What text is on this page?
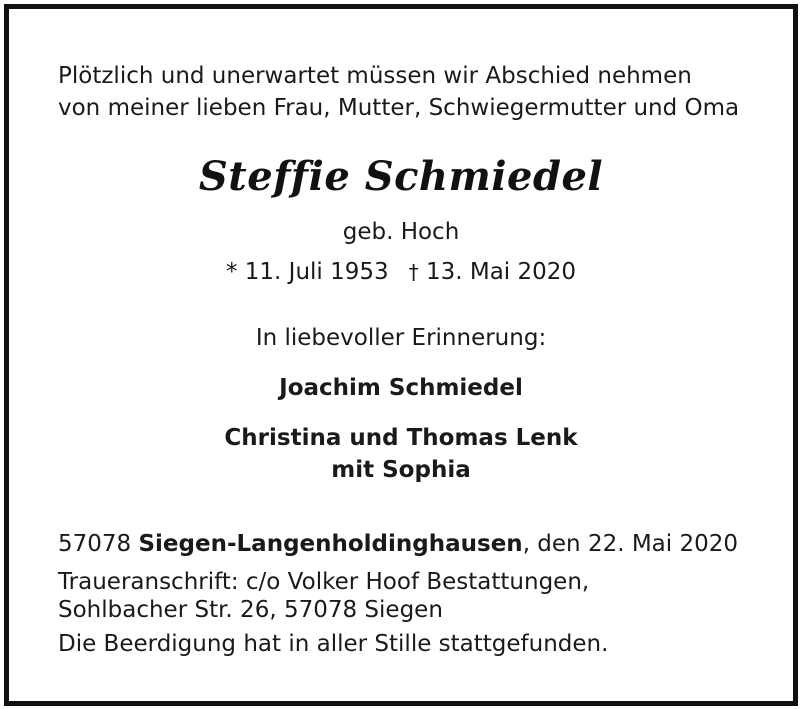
Plötzlich und unerwartet müssen wir Abschied nehmen

von meiner lieben Frau, Mutter, Schwiegermutter und Oma

Steffie Schmiedel

geb. Hoch

* 11. Juli 1953 † 13. Mai 2020

In liebevoller Erinnerung:

Joachim Schmiedel

Christina und Thomas Lenk

mit Sophia

57078 Siegen-Langenholdinghausen, den 22. Mai 2020

Traueranschrift: c/o Volker Hoof Bestattungen,

Sohlbacher Str. 26, 57078 Siegen

Die Beerdigung hat in aller Stille stattgefunden.
